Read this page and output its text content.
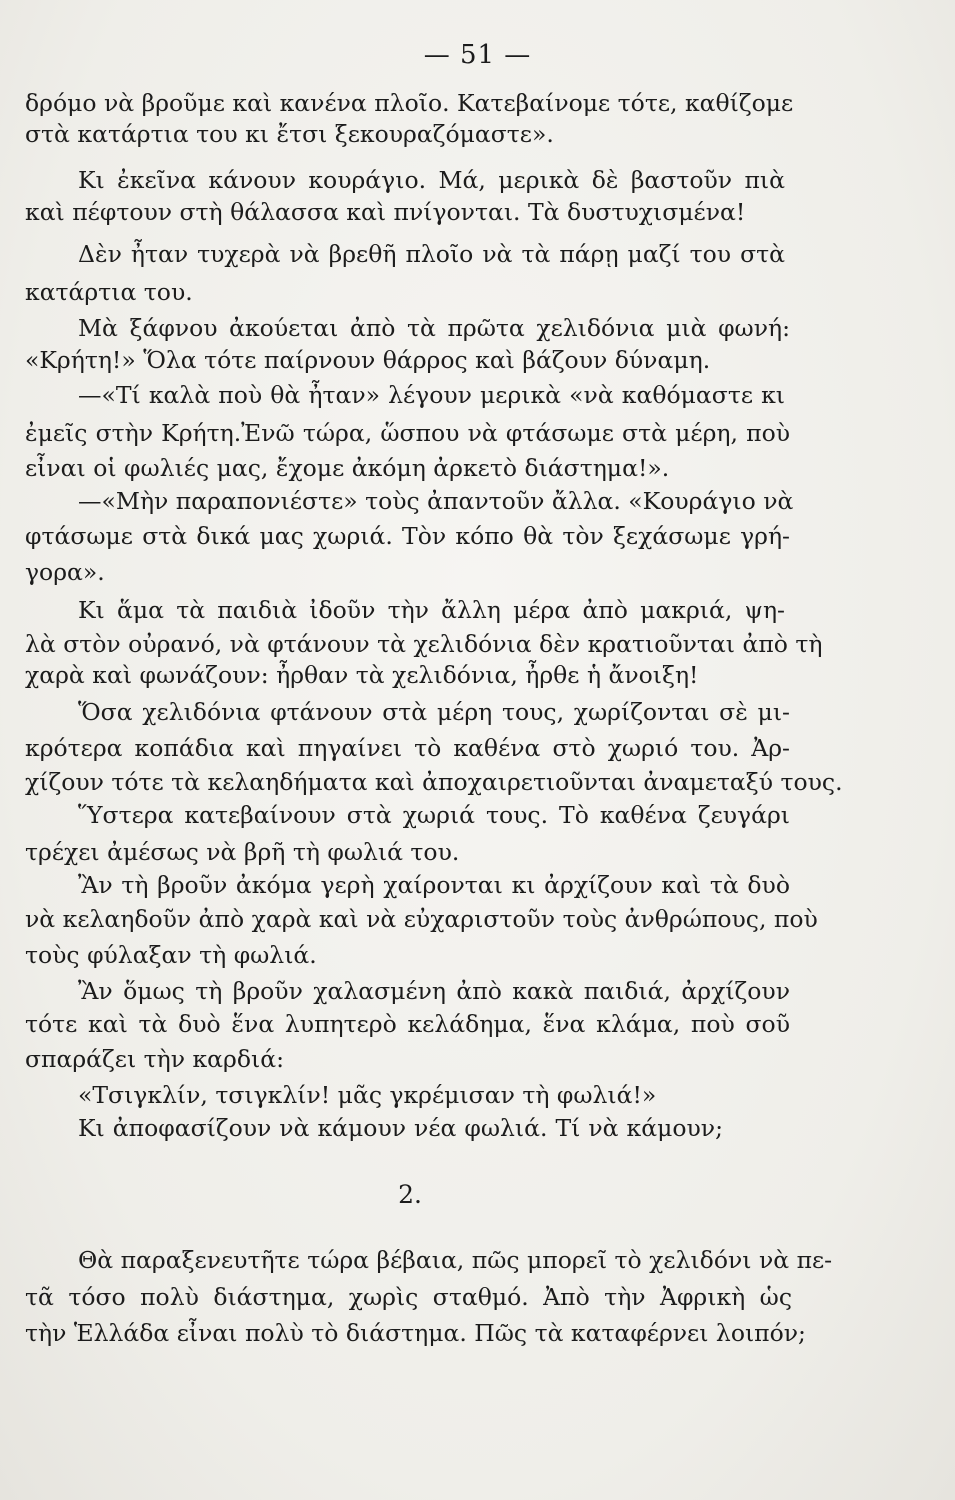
— 51 —
δρόμο νὰ βροῦμε καὶ κανένα πλοῖο. Κατεβαίνομε τότε, καθίζομε
στὰ κατάρτια του κι ἔτσι ξεκουραζόμαστε».
Κι ἐκεῖνα κάνουν κουράγιο. Μά, μερικὰ δὲ βαστοῦν πιὰ
καὶ πέφτουν στὴ θάλασσα καὶ πνίγονται. Τὰ δυστυχισμένα!
Δὲν ἦταν τυχερὰ νὰ βρεθῆ πλοῖο νὰ τὰ πάρῃ μαζί του στὰ
κατάρτια του.
Μὰ ξάφνου ἀκούεται ἀπὸ τὰ πρῶτα χελιδόνια μιὰ φωνή:
«Κρήτη!» Ὅλα τότε παίρνουν θάρρος καὶ βάζουν δύναμη.
—«Τί καλὰ ποὺ θὰ ἦταν» λέγουν μερικὰ «νὰ καθόμαστε κι
ἐμεῖς στὴν Κρήτη.Ἐνῶ τώρα, ὥσπου νὰ φτάσωμε στὰ μέρη, ποὺ
εἶναι οἱ φωλιές μας, ἔχομε ἀκόμη ἀρκετὸ διάστημα!».
—«Μὴν παραπονιέστε» τοὺς ἀπαντοῦν ἄλλα. «Κουράγιο νὰ
φτάσωμε στὰ δικά μας χωριά. Τὸν κόπο θὰ τὸν ξεχάσωμε γρή-
γορα».
Κι ἅμα τὰ παιδιὰ ἰδοῦν τὴν ἄλλη μέρα ἀπὸ μακριά, ψη-
λὰ στὸν οὐρανό, νὰ φτάνουν τὰ χελιδόνια δὲν κρατιοῦνται ἀπὸ τὴ
χαρὰ καὶ φωνάζουν: ἦρθαν τὰ χελιδόνια, ἦρθε ἡ ἄνοιξη!
Ὅσα χελιδόνια φτάνουν στὰ μέρη τους, χωρίζονται σὲ μι-
κρότερα κοπάδια καὶ πηγαίνει τὸ καθένα στὸ χωριό του. Ἀρ-
χίζουν τότε τὰ κελαηδήματα καὶ ἀποχαιρετιοῦνται ἀναμεταξύ τους.
Ὕστερα κατεβαίνουν στὰ χωριά τους. Τὸ καθένα ζευγάρι
τρέχει ἀμέσως νὰ βρῆ τὴ φωλιά του.
Ἂν τὴ βροῦν ἀκόμα γερὴ χαίρονται κι ἀρχίζουν καὶ τὰ δυὸ
νὰ κελαηδοῦν ἀπὸ χαρὰ καὶ νὰ εὐχαριστοῦν τοὺς ἀνθρώπους, ποὺ
τοὺς φύλαξαν τὴ φωλιά.
Ἂν ὅμως τὴ βροῦν χαλασμένη ἀπὸ κακὰ παιδιά, ἀρχίζουν
τότε καὶ τὰ δυὸ ἕνα λυπητερὸ κελάδημα, ἕνα κλάμα, ποὺ σοῦ
σπαράζει τὴν καρδιά:
«Τσιγκλίν, τσιγκλίν! μᾶς γκρέμισαν τὴ φωλιά!»
Κι ἀποφασίζουν νὰ κάμουν νέα φωλιά. Τί νὰ κάμουν;
2.
Θὰ παραξενευτῆτε τώρα βέβαια, πῶς μπορεῖ τὸ χελιδόνι νὰ πε-
τᾶ τόσο πολὺ διάστημα, χωρὶς σταθμό. Ἀπὸ τὴν Ἀφρικὴ ὡς
τὴν Ἑλλάδα εἶναι πολὺ τὸ διάστημα. Πῶς τὰ καταφέρνει λοιπόν;
